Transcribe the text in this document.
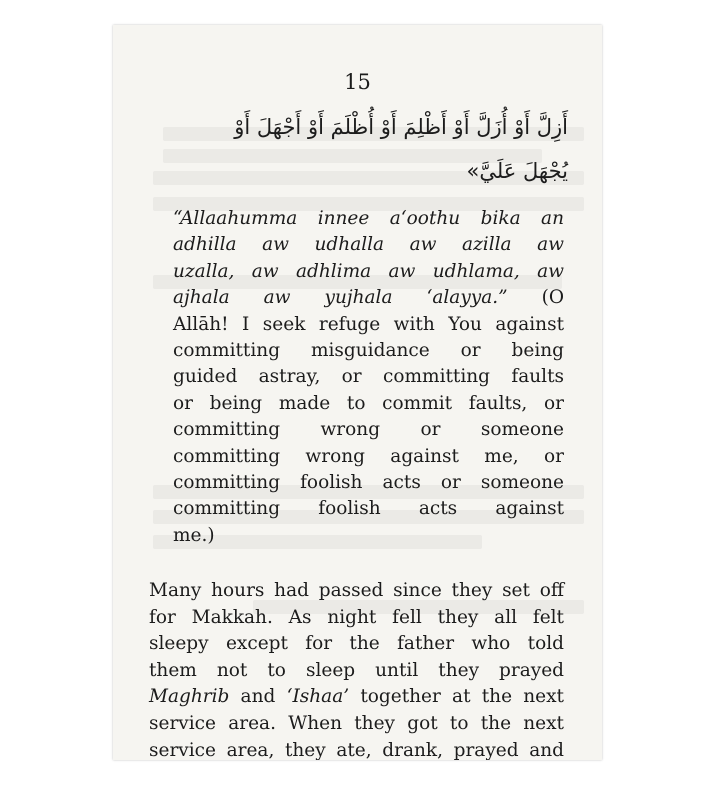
15
أَزِلَّ أَوْ أُزَلَّ أَوْ أَظْلِمَ أَوْ أُظْلَمَ أَوْ أَجْهَلَ أَوْ
يُجْهَلَ عَلَيَّ»
“Allaahumma innee a‘oothu bika an
adhilla aw udhalla aw azilla aw
uzalla, aw adhlima aw udhlama, aw
ajhala aw yujhala ‘alayya.” (O
Allāh! I seek refuge with You against
committing misguidance or being
guided astray, or committing faults
or being made to commit faults, or
committing wrong or someone
committing wrong against me, or
committing foolish acts or someone
committing foolish acts against
me.)
Many hours had passed since they set off
for Makkah. As night fell they all felt
sleepy except for the father who told
them not to sleep until they prayed
Maghrib and ‘Ishaa’ together at the next
service area. When they got to the next
service area, they ate, drank, prayed and
